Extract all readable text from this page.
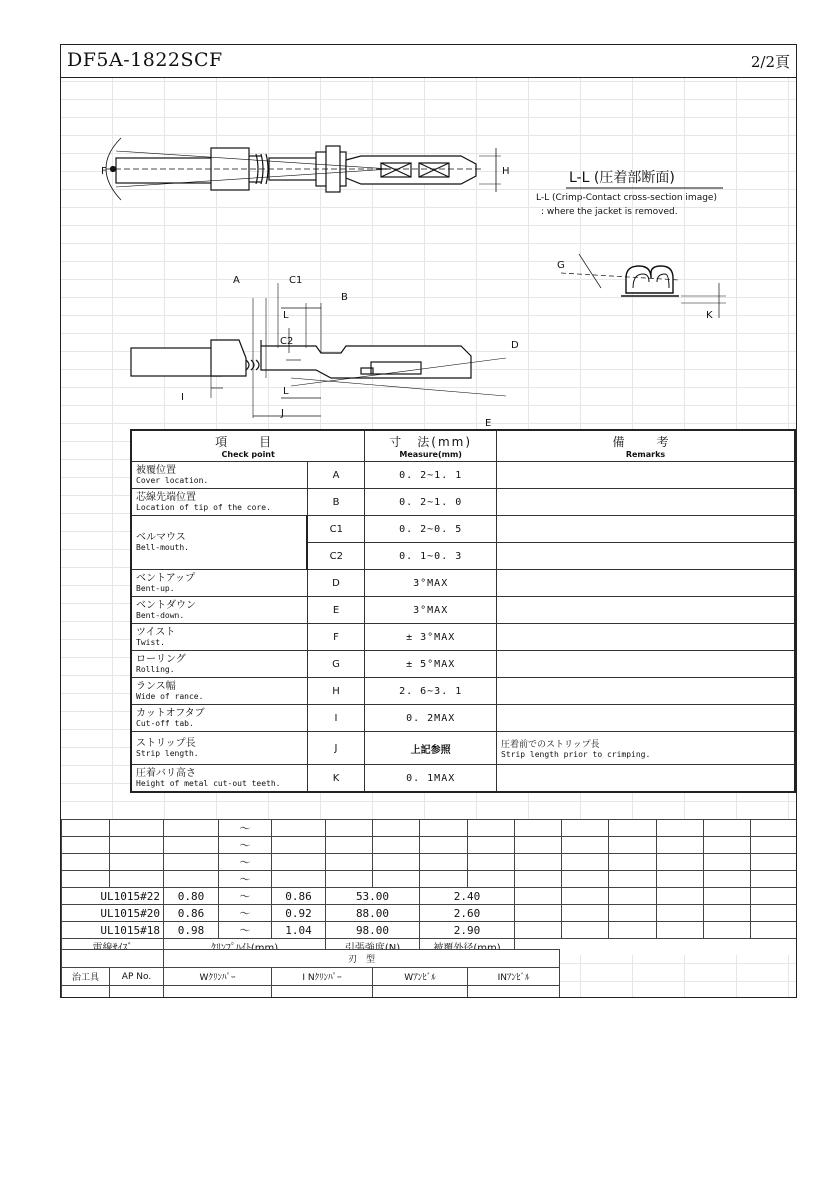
DF5A-1822SCF	2/2頁
F	H
G
K
A	C1
B
C2
L
L
D
E
I
J
L-L (圧着部断面)
L-L (Crimp-Contact cross-section image)
: where the jacket is removed.
項　目
Check point		寸　法(mm)
Measure(mm)	備　考
Remarks

被覆位置
Cover location.	A	0. 2~1. 1	

芯線先端位置
Location of tip of the core.	B	0. 2~1. 0	

ベルマウス
Bell-mouth.	C1	0. 2~0. 5	
	C2	0. 1~0. 3	

ベントアップ
Bent-up.	D	3°MAX	

ベントダウン
Bent-down.	E	3°MAX	

ツイスト
Twist.	F	± 3°MAX	

ローリング
Rolling.	G	± 5°MAX	

ランス幅
Wide of rance.	H	2. 6~3. 1	

カットオフタブ
Cut-off tab.	I	0. 2MAX	

ストリップ長
Strip length.	J	上記参照	圧着前でのストリップ長
Strip length prior to crimping.

圧着バリ高さ
Height of metal cut-out teeth.	K	0. 1MAX	
			～											
			～											
			～											
			～											
UL1015#22		0.80	～	0.86	53.00		2.40							
UL1015#20		0.86	～	0.92	88.00		2.60							
UL1015#18		0.98	～	1.04	98.00		2.90							

		刃　型			
治工具	AP No.	Wｸﾘﾝﾊﾟｰ	I Nｸﾘﾝﾊﾟｰ	Wｱﾝﾋﾞﾙ	INｱﾝﾋﾞﾙ
